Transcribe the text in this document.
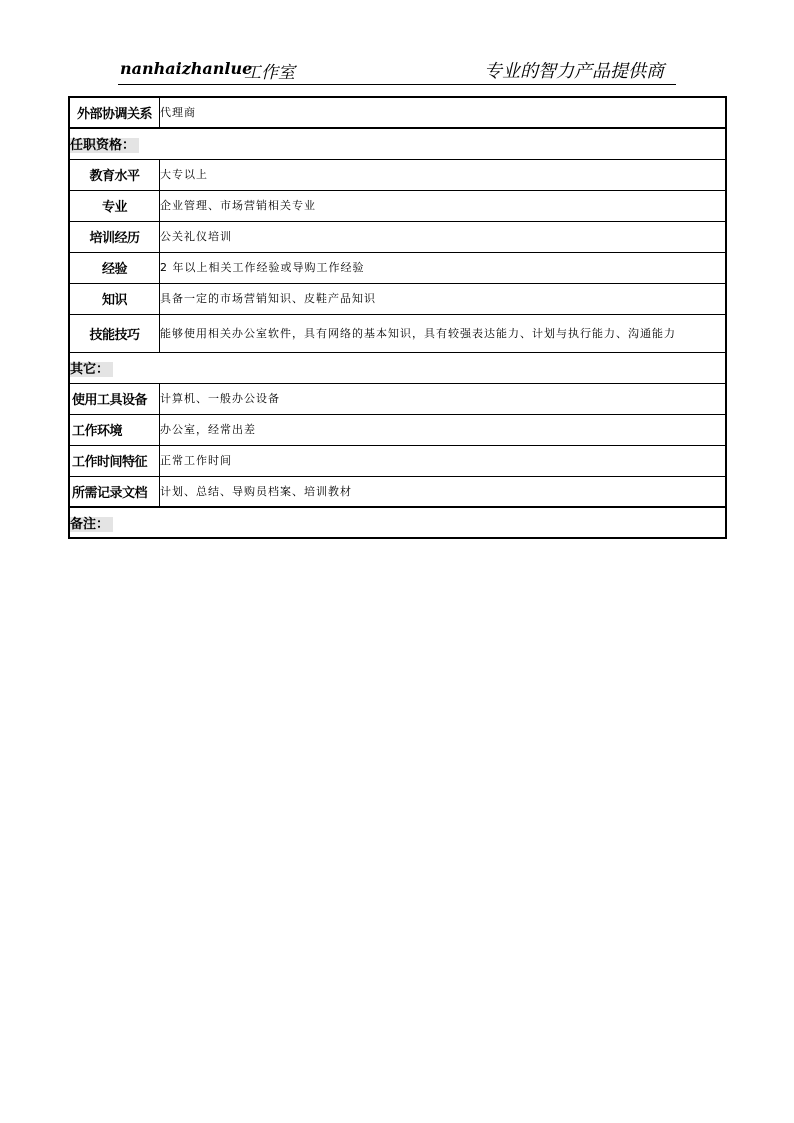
nanhaizhanlue
工作室	专业的智力产品提供商
外部协调关系	代理商
任职资格：	
教育水平	大专以上
专业	企业管理、市场营销相关专业
培训经历	公关礼仪培训
经验	2 年以上相关工作经验或导购工作经验
知识	具备一定的市场营销知识、皮鞋产品知识
技能技巧	能够使用相关办公室软件，具有网络的基本知识，具有较强表达能力、计划与执行能力、沟通能力
其它：	
使用工具设备	计算机、一般办公设备
工作环境	办公室，经常出差
工作时间特征	正常工作时间
所需记录文档	计划、总结、导购员档案、培训教材
备注：	
